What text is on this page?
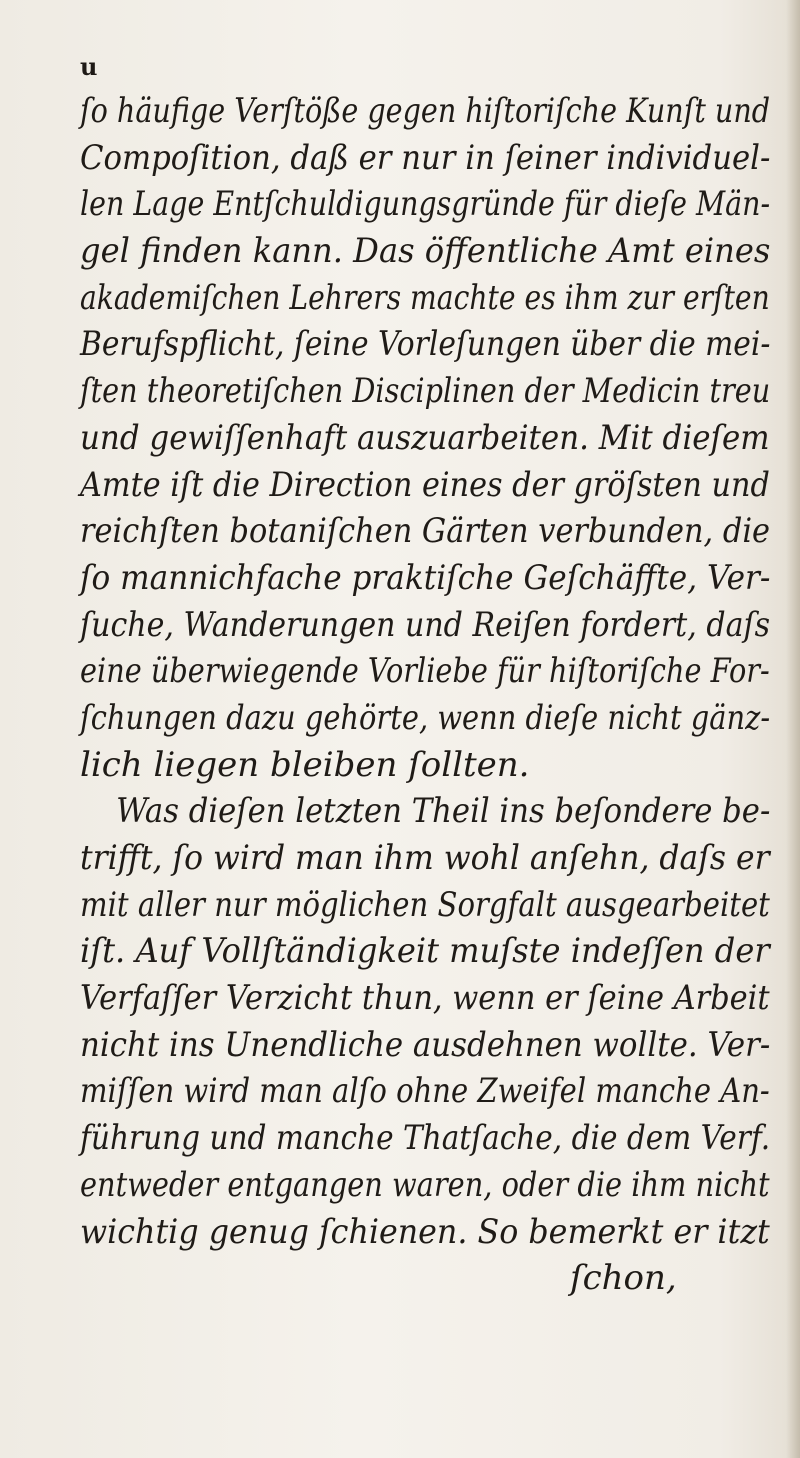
u
ſo häufige Verſtöße gegen hiſtoriſche Kunſt und
Compoſition, daß er nur in ſeiner individuel-
len Lage Entſchuldigungsgründe für dieſe Män-
gel finden kann. Das öffentliche Amt eines
akademiſchen Lehrers machte es ihm zur erſten
Berufspflicht, ſeine Vorleſungen über die mei-
ſten theoretiſchen Disciplinen der Medicin treu
und gewiſſenhaft auszuarbeiten. Mit dieſem
Amte iſt die Direction eines der gröſsten und
reichſten botaniſchen Gärten verbunden, die
ſo mannichfache praktiſche Geſchäffte, Ver-
ſuche, Wanderungen und Reiſen fordert, daſs
eine überwiegende Vorliebe für hiſtoriſche For-
ſchungen dazu gehörte, wenn dieſe nicht gänz-
lich liegen bleiben ſollten.
Was dieſen letzten Theil ins beſondere be-
trifft, ſo wird man ihm wohl anſehn, daſs er
mit aller nur möglichen Sorgfalt ausgearbeitet
iſt. Auf Vollſtändigkeit muſste indeſſen der
Verfaſſer Verzicht thun, wenn er ſeine Arbeit
nicht ins Unendliche ausdehnen wollte. Ver-
miſſen wird man alſo ohne Zweifel manche An-
führung und manche Thatſache, die dem Verf.
entweder entgangen waren, oder die ihm nicht
wichtig genug ſchienen. So bemerkt er itzt
ſchon,
